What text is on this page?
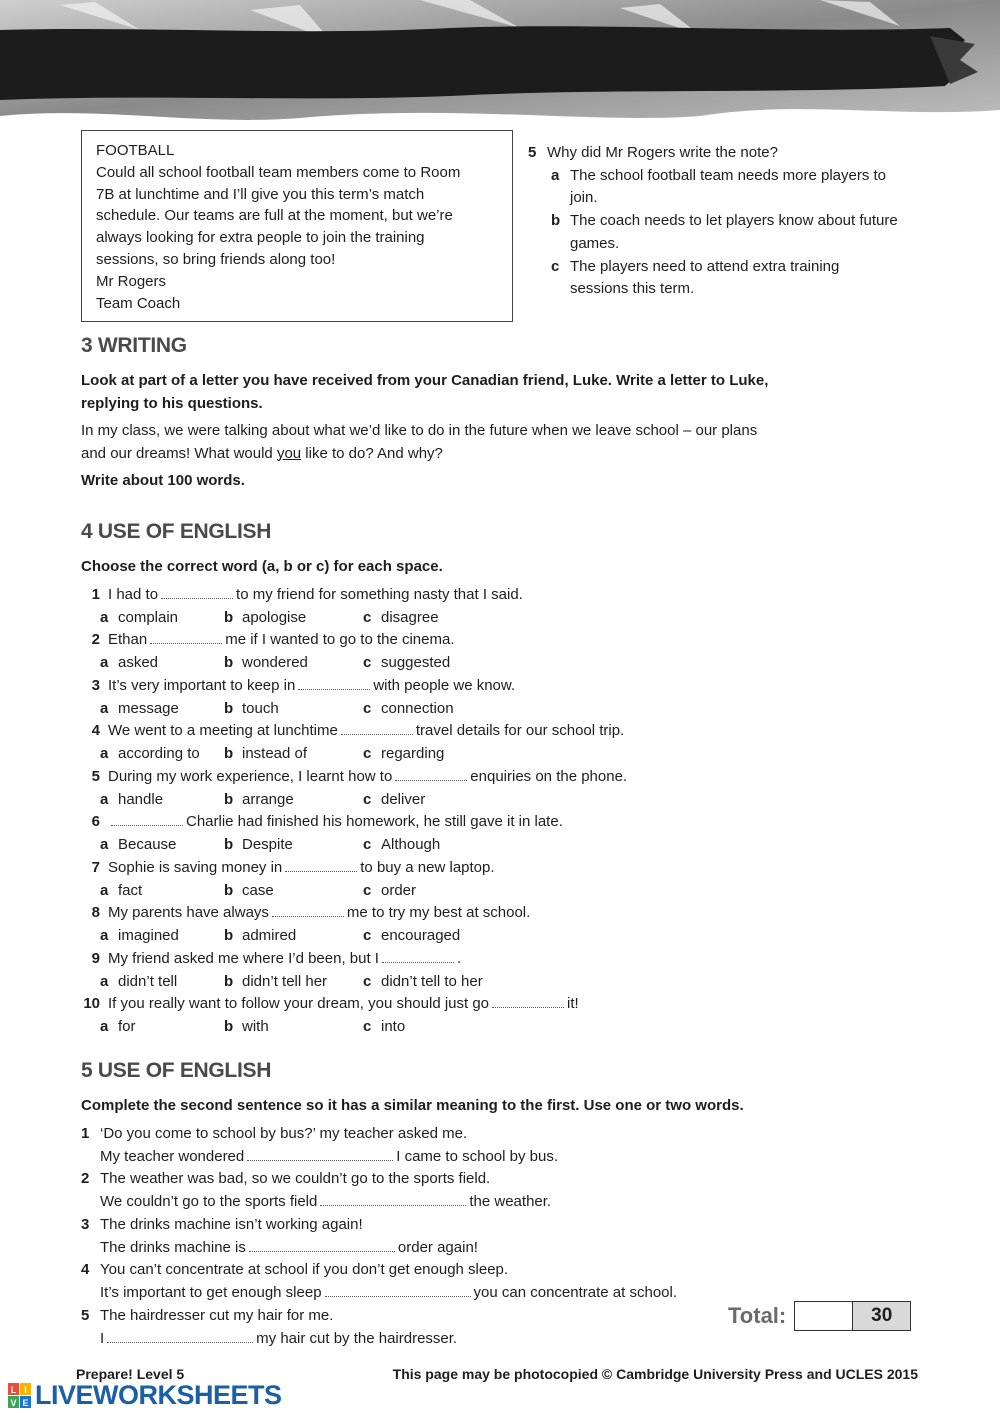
FOOTBALL
Could all school football team members come to Room
7B at lunchtime and I’ll give you this term’s match
schedule. Our teams are full at the moment, but we’re
always looking for extra people to join the training
sessions, so bring friends along too!
Mr Rogers
Team Coach
5 Why did Mr Rogers write the note?
a The school football team needs more players to
join.
b The coach needs to let players know about future
games.
c The players need to attend extra training
sessions this term.
3 WRITING
Look at part of a letter you have received from your Canadian friend, Luke. Write a letter to Luke,
replying to his questions.
In my class, we were talking about what we’d like to do in the future when we leave school – our plans
and our dreams! What would you like to do? And why?
Write about 100 words.
4 USE OF ENGLISH
Choose the correct word (a, b or c) for each space.
1 I had to	to my friend for something nasty that I said.
a complain	b apologise	c disagree
2 Ethan	me if I wanted to go to the cinema.
a asked	b wondered	c suggested
3 It’s very important to keep in	with people we know.
a message	b touch	c connection
4 We went to a meeting at lunchtime	travel details for our school trip.
a according to b instead of	c regarding
5 During my work experience, I learnt how to	enquiries on the phone.
a handle	b arrange	c deliver
6	Charlie had finished his homework, he still gave it in late.
a Because	b Despite	c Although
7 Sophie is saving money in	to buy a new laptop.
a fact	b case	c order
8 My parents have always	me to try my best at school.
a imagined	b admired	c encouraged
9 My friend asked me where I’d been, but I	.
a didn’t tell	b didn’t tell her c didn’t tell to her
10 If you really want to follow your dream, you should just go	it!
a for	b with	c into
5 USE OF ENGLISH
Complete the second sentence so it has a similar meaning to the first. Use one or two words.
1 ‘Do you come to school by bus?’ my teacher asked me.
My teacher wondered	I came to school by bus.
2 The weather was bad, so we couldn’t go to the sports field.
We couldn’t go to the sports field	the weather.
3 The drinks machine isn’t working again!
The drinks machine is	order again!
4 You can’t concentrate at school if you don’t get enough sleep.
It’s important to get enough sleep	you can concentrate at school.
5 The hairdresser cut my hair for me.
I	my hair cut by the hairdresser.
Total:	30
Prepare! Level 5	This page may be photocopied © Cambridge University Press and UCLES 2015
L I
V E LIVEWORKSHEETS
